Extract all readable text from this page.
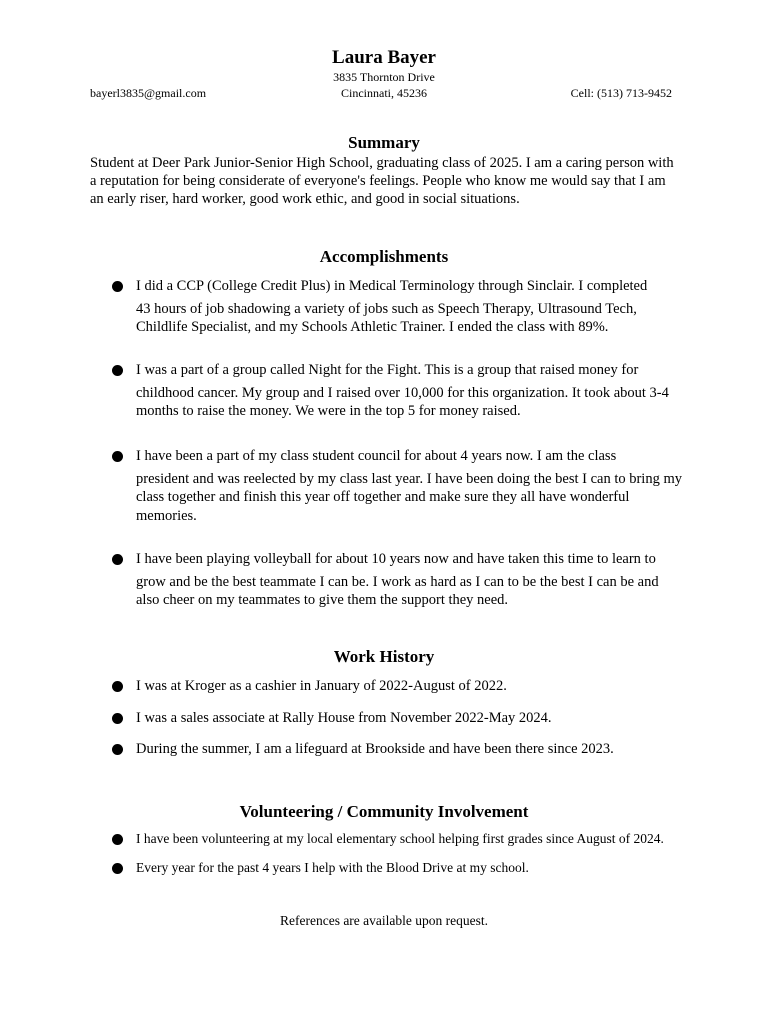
Laura Bayer
3835 Thornton Drive
Cincinnati, 45236
bayerl3835@gmail.com	Cell: (513) 713-9452
Summary
Student at Deer Park Junior-Senior High School, graduating class of 2025. I am a caring person with a reputation for being considerate of everyone's feelings. People who know me would say that I am an early riser, hard worker, good work ethic, and good in social situations.
Accomplishments
I did a CCP (College Credit Plus) in Medical Terminology through Sinclair. I completed
43 hours of job shadowing a variety of jobs such as Speech Therapy, Ultrasound Tech, Childlife Specialist, and my Schools Athletic Trainer. I ended the class with 89%.
I was a part of a group called Night for the Fight. This is a group that raised money for
childhood cancer. My group and I raised over 10,000 for this organization. It took about 3-4 months to raise the money. We were in the top 5 for money raised.
I have been a part of my class student council for about 4 years now. I am the class
president and was reelected by my class last year. I have been doing the best I can to bring my class together and finish this year off together and make sure they all have wonderful memories.
I have been playing volleyball for about 10 years now and have taken this time to learn to
grow and be the best teammate I can be. I work as hard as I can to be the best I can be and also cheer on my teammates to give them the support they need.
Work History
I was at Kroger as a cashier in January of 2022-August of 2022.
I was a sales associate at Rally House from November 2022-May 2024.
During the summer, I am a lifeguard at Brookside and have been there since 2023.
Volunteering / Community Involvement
I have been volunteering at my local elementary school helping first grades since August of 2024.
Every year for the past 4 years I help with the Blood Drive at my school.
References are available upon request.
